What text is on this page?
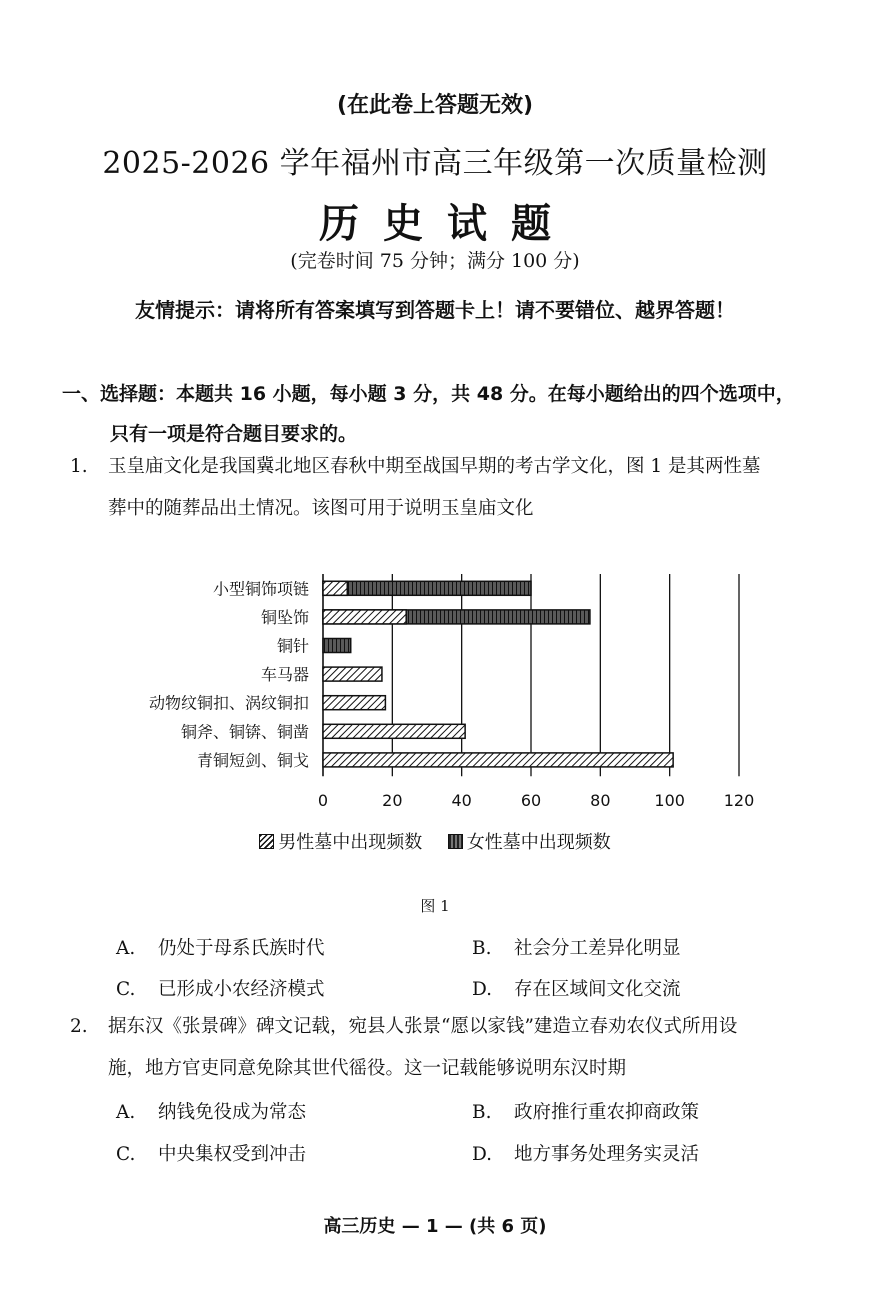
(在此卷上答题无效)
2025-2026 学年福州市高三年级第一次质量检测
历史试题
(完卷时间 75 分钟；满分 100 分)
友情提示：请将所有答案填写到答题卡上！请不要错位、越界答题！
一、选择题：本题共 16 小题，每小题 3 分，共 48 分。在每小题给出的四个选项中，
只有一项是符合题目要求的。
1. 玉皇庙文化是我国冀北地区春秋中期至战国早期的考古学文化，图 1 是其两性墓
葬中的随葬品出土情况。该图可用于说明玉皇庙文化
0	20	40	60	80	100 120
小型铜饰项链
铜坠饰
铜针
车马器
动物纹铜扣、涡纹铜扣
铜斧、铜锛、铜凿
青铜短剑、铜戈
男性墓中出现频数 女性墓中出现频数
图 1
A. 仍处于母系氏族时代	B. 社会分工差异化明显
C. 已形成小农经济模式	D. 存在区域间文化交流
2. 据东汉《张景碑》碑文记载，宛县人张景“愿以家钱”建造立春劝农仪式所用设
施，地方官吏同意免除其世代徭役。这一记载能够说明东汉时期
A. 纳钱免役成为常态	B. 政府推行重农抑商政策
C. 中央集权受到冲击	D. 地方事务处理务实灵活
高三历史 — 1 — (共 6 页)
